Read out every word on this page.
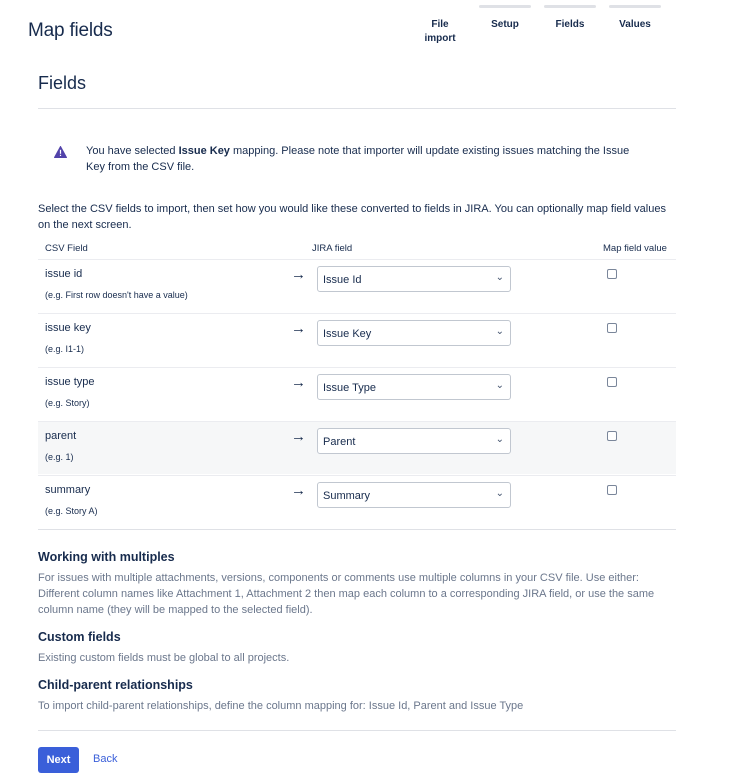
Map fields	File
import
Setup	Fields	Values
Fields
You have selected Issue Key mapping. Please note that importer will update existing issues matching the Issue Key from the CSV file.

Select the CSV fields to import, then set how you would like these converted to fields in JIRA. You can optionally map field values on the next screen.

CSV Field	JIRA field	Map field value
issue id
(e.g. First row doesn't have a value)
→	Issue Id	⌄
issue key
(e.g. I1-1)
→	Issue Key	⌄
issue type
(e.g. Story)
→	Issue Type	⌄
parent
(e.g. 1)
→	Parent	⌄
summary
(e.g. Story A)
→	Summary	⌄
Working with multiples

For issues with multiple attachments, versions, components or comments use multiple columns in your CSV file. Use either: Different column names like Attachment 1, Attachment 2 then map each column to a corresponding JIRA field, or use the same column name (they will be mapped to the selected field).

Custom fields

Existing custom fields must be global to all projects.

Child-parent relationships

To import child-parent relationships, define the column mapping for: Issue Id, Parent and Issue Type

Next	Back
